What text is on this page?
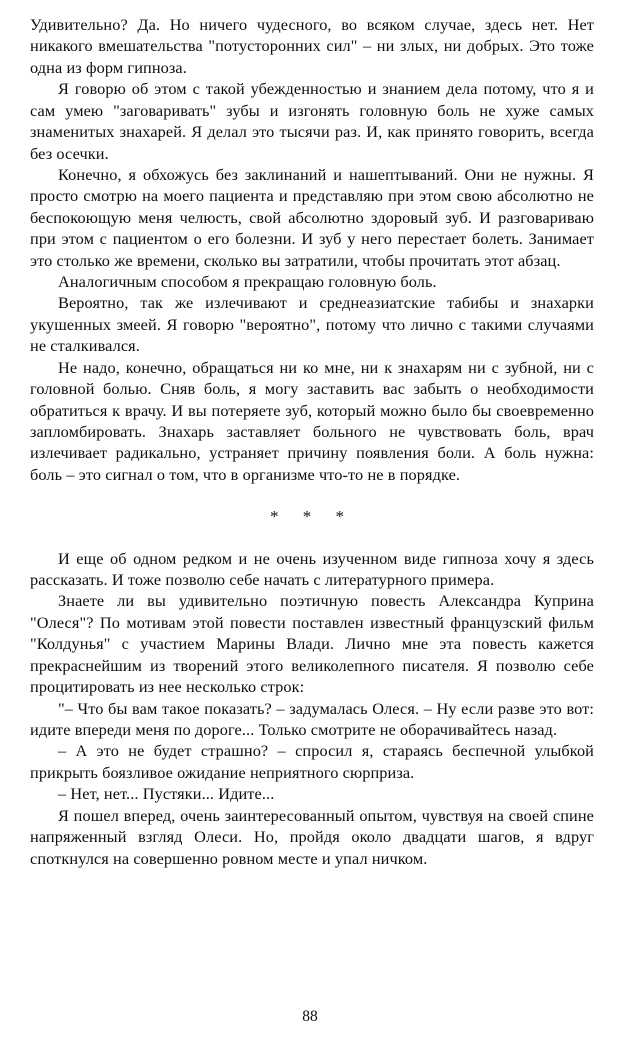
Удивительно? Да. Но ничего чудесного, во всяком случае, здесь нет. Нет никакого вмешательства "потусторонних сил" – ни злых, ни добрых. Это тоже одна из форм гипноза.

Я говорю об этом с такой убежденностью и знанием дела потому, что я и сам умею "заговаривать" зубы и изгонять головную боль не хуже самых знаменитых знахарей. Я делал это тысячи раз. И, как принято говорить, всегда без осечки.

Конечно, я обхожусь без заклинаний и нашептываний. Они не нужны. Я просто смотрю на моего пациента и представляю при этом свою абсолютно не беспокоющую меня челюсть, свой абсолютно здоровый зуб. И разговариваю при этом с пациентом о его болезни. И зуб у него перестает болеть. Занимает это столько же времени, сколько вы затратили, чтобы прочитать этот абзац.

Аналогичным способом я прекращаю головную боль.

Вероятно, так же излечивают и среднеазиатские табибы и знахарки укушенных змеей. Я говорю "вероятно", потому что лично с такими случаями не сталкивался.

Не надо, конечно, обращаться ни ко мне, ни к знахарям ни с зубной, ни с головной болью. Сняв боль, я могу заставить вас забыть о необходимости обратиться к врачу. И вы потеряете зуб, который можно было бы своевременно запломбировать. Знахарь заставляет больного не чувствовать боль, врач излечивает радикально, устраняет причину появления боли. А боль нужна: боль – это сигнал о том, что в организме что-то не в порядке.

* * *

И еще об одном редком и не очень изученном виде гипноза хочу я здесь рассказать. И тоже позволю себе начать с литературного примера.

Знаете ли вы удивительно поэтичную повесть Александра Куприна "Олеся"? По мотивам этой повести поставлен известный французский фильм "Колдунья" с участием Марины Влади. Лично мне эта повесть кажется прекраснейшим из творений этого великолепного писателя. Я позволю себе процитировать из нее несколько строк:

"– Что бы вам такое показать? – задумалась Олеся. – Ну если разве это вот: идите впереди меня по дороге... Только смотрите не оборачивайтесь назад.

– А это не будет страшно? – спросил я, стараясь беспечной улыбкой прикрыть боязливое ожидание неприятного сюрприза.

– Нет, нет... Пустяки... Идите...

Я пошел вперед, очень заинтересованный опытом, чувствуя на своей спине напряженный взгляд Олеси. Но, пройдя около двадцати шагов, я вдруг споткнулся на совершенно ровном месте и упал ничком.

88
